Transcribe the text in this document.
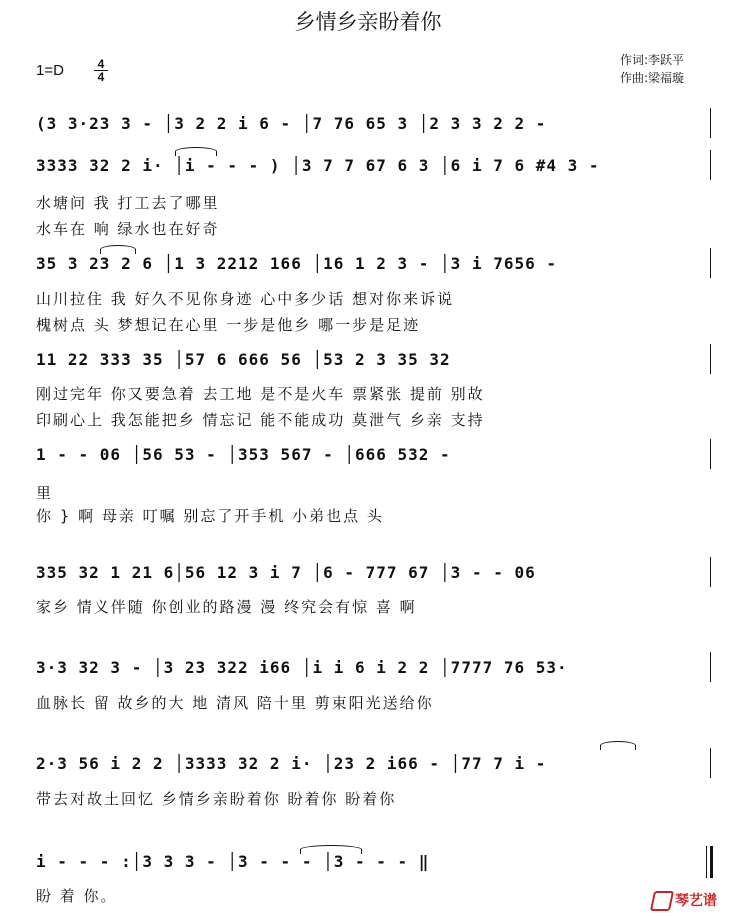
乡情乡亲盼着你
1=D	$\frac{4}{4}$	作词:李跃平
作曲:梁福璇
(3 3·23 3 - │3 2 2 i 6 - │7 76 65 3 │2 3 3 2 2 -
3333 32 2 i· │i - - - ) │3 7 7 67 6 3 │6 i 7 6 #4 3 -
水塘问 我 打工去了哪里
水车在 响 绿水也在好奇
35 3 23 2 6 │1 3 2212 166 │16 1 2 3 - │3 i 7656 -
山川拉住 我 好久不见你身迹 心中多少话 想对你来诉说
槐树点 头 梦想记在心里 一步是他乡 哪一步是足迹
11 22 333 35 │57 6 666 56 │53 2 3 35 32
刚过完年 你又要急着 去工地 是不是火车 票紧张 提前 别故
印刷心上 我怎能把乡 情忘记 能不能成功 莫泄气 乡亲 支持
1 - - 06 │56 53 - │353 567 - │666 532 -
里
你 } 啊 母亲 叮嘱 别忘了开手机 小弟也点 头
335 32 1 21 6│56 12 3 i 7 │6 - 777 67 │3 - - 06
家乡 情义伴随 你创业的路漫 漫 终究会有惊 喜 啊
3·3 32 3 - │3 23 322 i66 │i i 6 i 2 2 │7777 76 53·
血脉长 留 故乡的大 地 清风 陪十里 剪束阳光送给你
2·3 56 i 2 2 │3333 32 2 i· │23 2 i66 - │77 7 i -
带去对故土回忆 乡情乡亲盼着你 盼着你 盼着你
i - - - :│3 3 3 - │3 - - - │3 - - - ‖
盼 着 你。	琴艺谱
